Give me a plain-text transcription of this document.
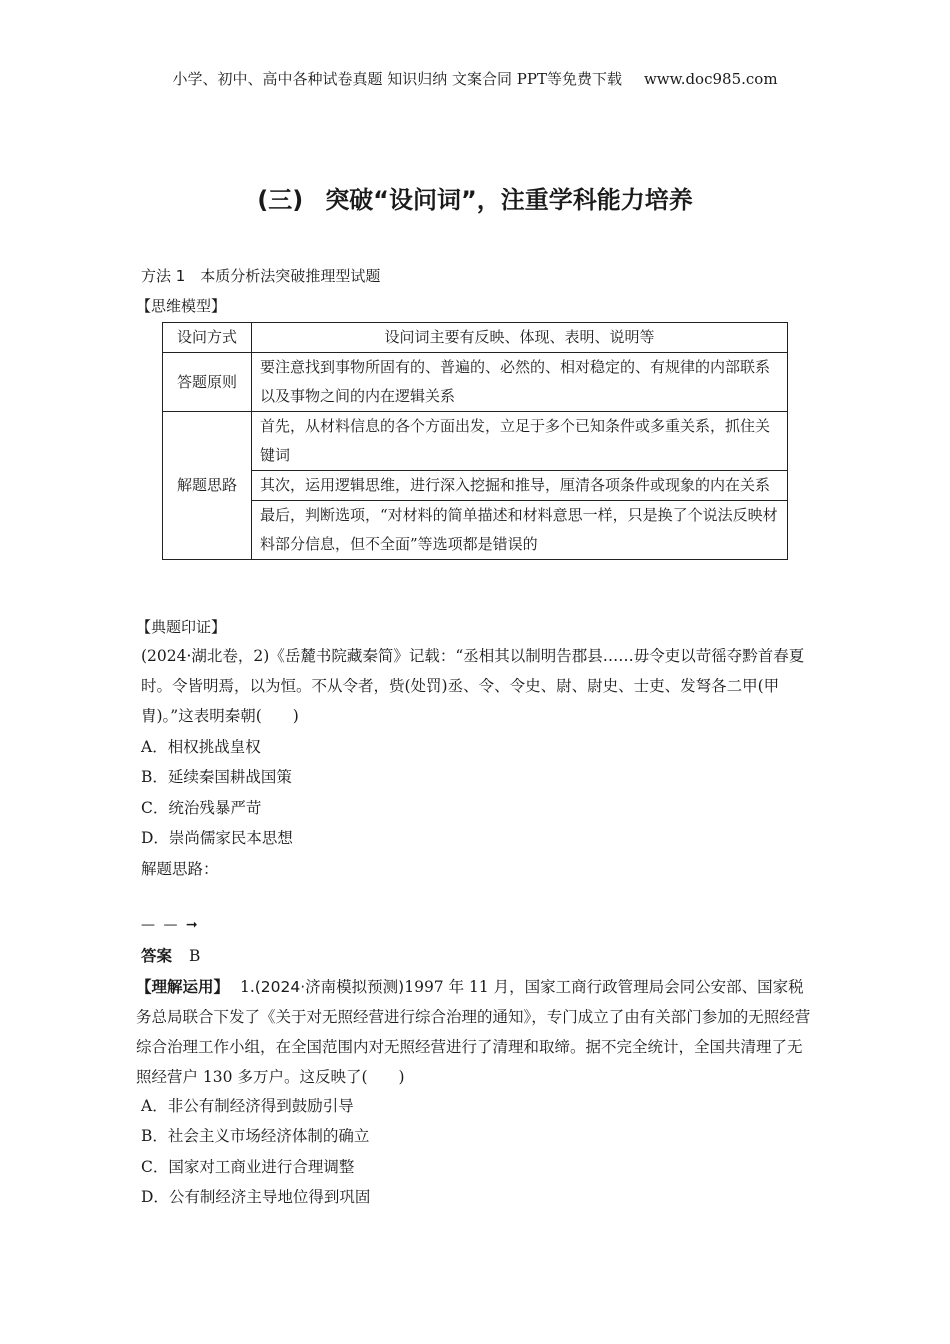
小学、初中、高中各种试卷真题 知识归纳 文案合同 PPT等免费下载 www.doc985.com
(三) 突破“设问词”，注重学科能力培养
方法 1　本质分析法突破推理型试题
【思维模型】
设问方式	设问词主要有反映、体现、表明、说明等
答题原则	要注意找到事物所固有的、普遍的、必然的、相对稳定的、有规律的内部联系以及事物之间的内在逻辑关系
解题思路	首先，从材料信息的各个方面出发，立足于多个已知条件或多重关系，抓住关键词
	其次，运用逻辑思维，进行深入挖掘和推导，厘清各项条件或现象的内在关系
	最后，判断选项，“对材料的简单描述和材料意思一样，只是换了个说法反映材料部分信息，但不全面”等选项都是错误的
【典题印证】
(2024·湖北卷，2)《岳麓书院藏秦简》记载：“丞相其以制明告郡县……毋令吏以苛徭夺黔首春夏时。令皆明焉，以为恒。不从令者，赀(处罚)丞、令、令史、尉、尉史、士吏、发弩各二甲(甲胄)。”这表明秦朝(　　)
A．相权挑战皇权
B．延续秦国耕战国策
C．统治残暴严苛
D．崇尚儒家民本思想
解题思路：
— — ➞
答案 B
【理解运用】 1.(2024·济南模拟预测)1997 年 11 月，国家工商行政管理局会同公安部、国家税务总局联合下发了《关于对无照经营进行综合治理的通知》，专门成立了由有关部门参加的无照经营综合治理工作小组，在全国范围内对无照经营进行了清理和取缔。据不完全统计，全国共清理了无照经营户 130 多万户。这反映了(　　)
A．非公有制经济得到鼓励引导
B．社会主义市场经济体制的确立
C．国家对工商业进行合理调整
D．公有制经济主导地位得到巩固
